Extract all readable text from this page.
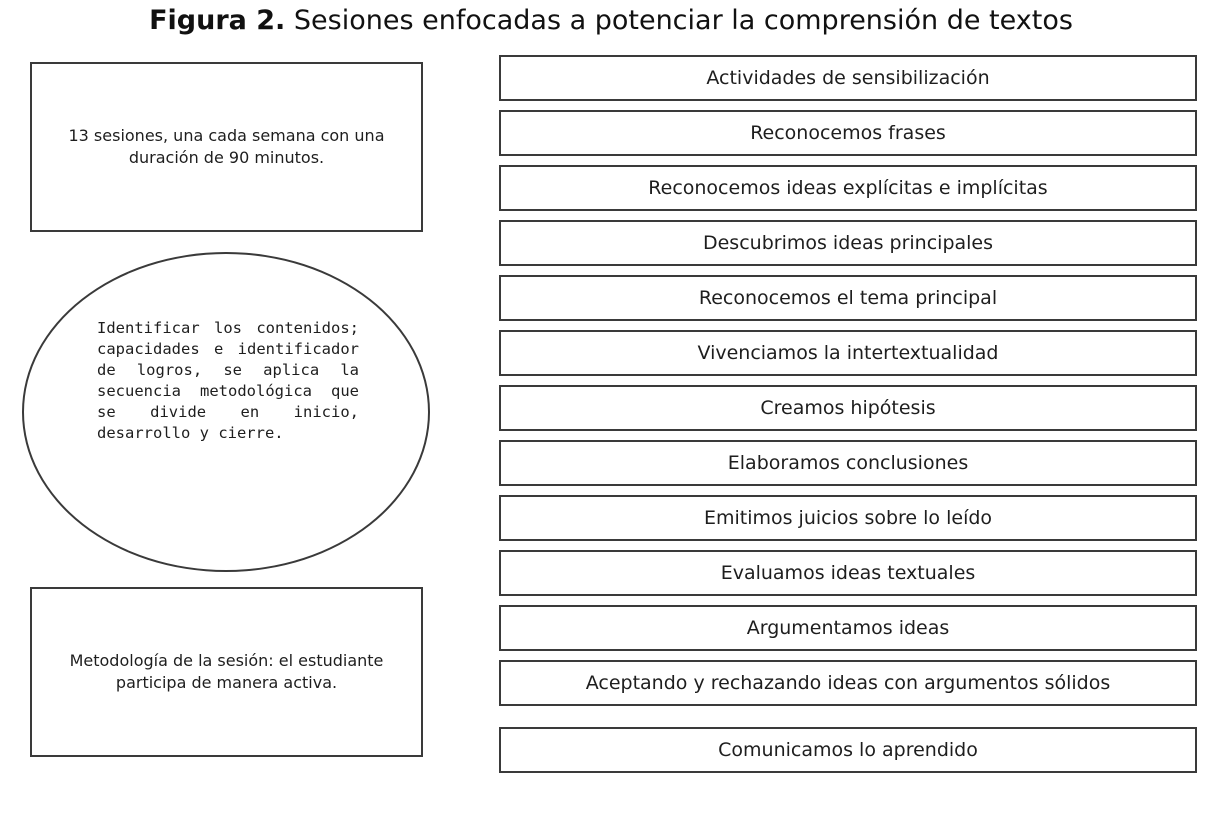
Figura 2. Sesiones enfocadas a potenciar la comprensión de textos
13 sesiones, una cada semana con una duración de 90 minutos.
Identificar los contenidos; capacidades e identificador de logros, se aplica la secuencia metodológica que se divide en inicio, desarrollo y cierre.
Metodología de la sesión: el estudiante participa de manera activa.
Actividades de sensibilización
Reconocemos frases
Reconocemos ideas explícitas e implícitas
Descubrimos ideas principales
Reconocemos el tema principal
Vivenciamos la intertextualidad
Creamos hipótesis
Elaboramos conclusiones
Emitimos juicios sobre lo leído
Evaluamos ideas textuales
Argumentamos ideas
Aceptando y rechazando ideas con argumentos sólidos
Comunicamos lo aprendido
